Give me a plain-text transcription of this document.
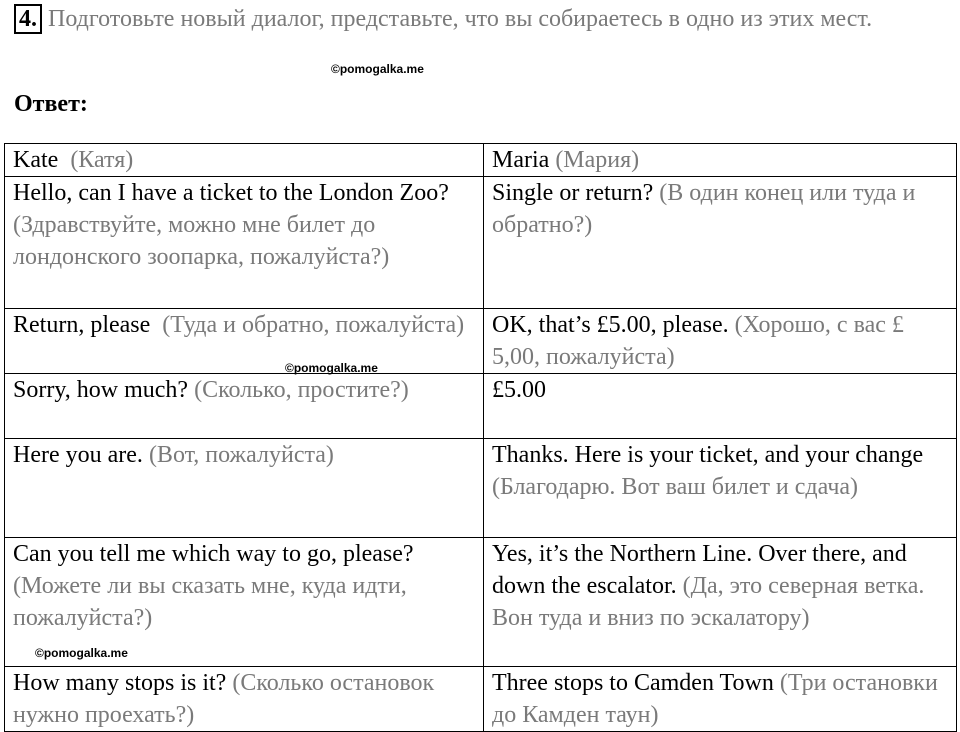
4. Подготовьте новый диалог, представьте, что вы собираетесь в одно из этих мест.
©pomogalka.me
Ответ:
Kate (Катя)	Maria (Мария)
Hello, can I have a ticket to the London Zoo? (Здравствуйте, можно мне билет до лондонского зоопарка, пожалуйста?)	Single or return? (В один конец или туда и обратно?)
Return, please (Туда и обратно, пожалуйста)	OK, that’s £5.00, please. (Хорошо, с вас £ 5,00, пожалуйста)
Sorry, how much? (Сколько, простите?)	£5.00
Here you are. (Вот, пожалуйста)	Thanks. Here is your ticket, and your change (Благодарю. Вот ваш билет и сдача)
Can you tell me which way to go, please? (Можете ли вы сказать мне, куда идти, пожалуйста?)	Yes, it’s the Northern Line. Over there, and down the escalator. (Да, это северная ветка. Вон туда и вниз по эскалатору)
How many stops is it? (Сколько остановок нужно проехать?)	Three stops to Camden Town (Три остановки до Камден таун)
©pomogalka.me
©pomogalka.me
